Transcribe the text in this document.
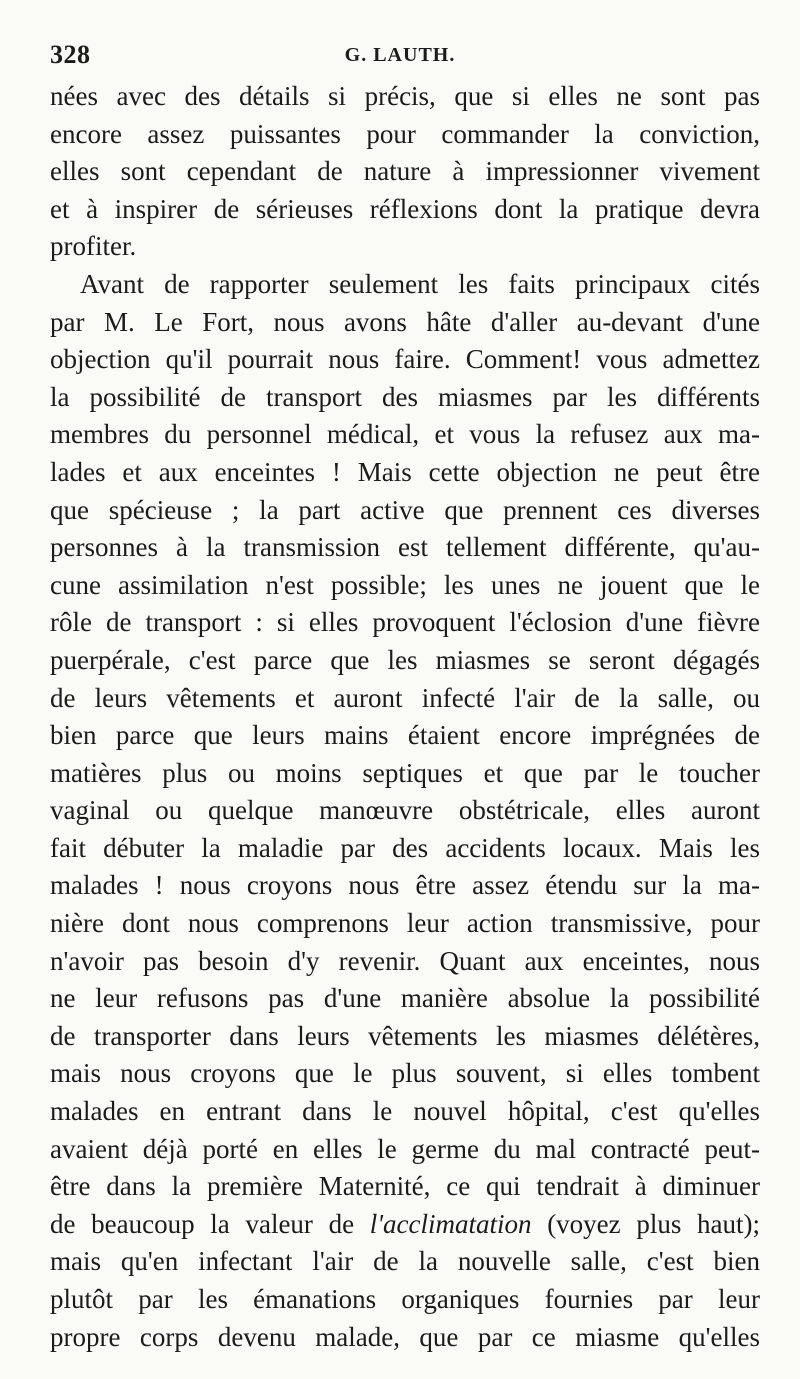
328	G. LAUTH.
nées avec des détails si précis, que si elles ne sont pas
encore assez puissantes pour commander la conviction,
elles sont cependant de nature à impressionner vivement
et à inspirer de sérieuses réflexions dont la pratique devra
profiter.
Avant de rapporter seulement les faits principaux cités
par M. Le Fort, nous avons hâte d'aller au-devant d'une
objection qu'il pourrait nous faire. Comment! vous admettez
la possibilité de transport des miasmes par les différents
membres du personnel médical, et vous la refusez aux ma-
lades et aux enceintes ! Mais cette objection ne peut être
que spécieuse ; la part active que prennent ces diverses
personnes à la transmission est tellement différente, qu'au-
cune assimilation n'est possible; les unes ne jouent que le
rôle de transport : si elles provoquent l'éclosion d'une fièvre
puerpérale, c'est parce que les miasmes se seront dégagés
de leurs vêtements et auront infecté l'air de la salle, ou
bien parce que leurs mains étaient encore imprégnées de
matières plus ou moins septiques et que par le toucher
vaginal ou quelque manœuvre obstétricale, elles auront
fait débuter la maladie par des accidents locaux. Mais les
malades ! nous croyons nous être assez étendu sur la ma-
nière dont nous comprenons leur action transmissive, pour
n'avoir pas besoin d'y revenir. Quant aux enceintes, nous
ne leur refusons pas d'une manière absolue la possibilité
de transporter dans leurs vêtements les miasmes délétères,
mais nous croyons que le plus souvent, si elles tombent
malades en entrant dans le nouvel hôpital, c'est qu'elles
avaient déjà porté en elles le germe du mal contracté peut-
être dans la première Maternité, ce qui tendrait à diminuer
de beaucoup la valeur de l'acclimatation (voyez plus haut);
mais qu'en infectant l'air de la nouvelle salle, c'est bien
plutôt par les émanations organiques fournies par leur
propre corps devenu malade, que par ce miasme qu'elles
